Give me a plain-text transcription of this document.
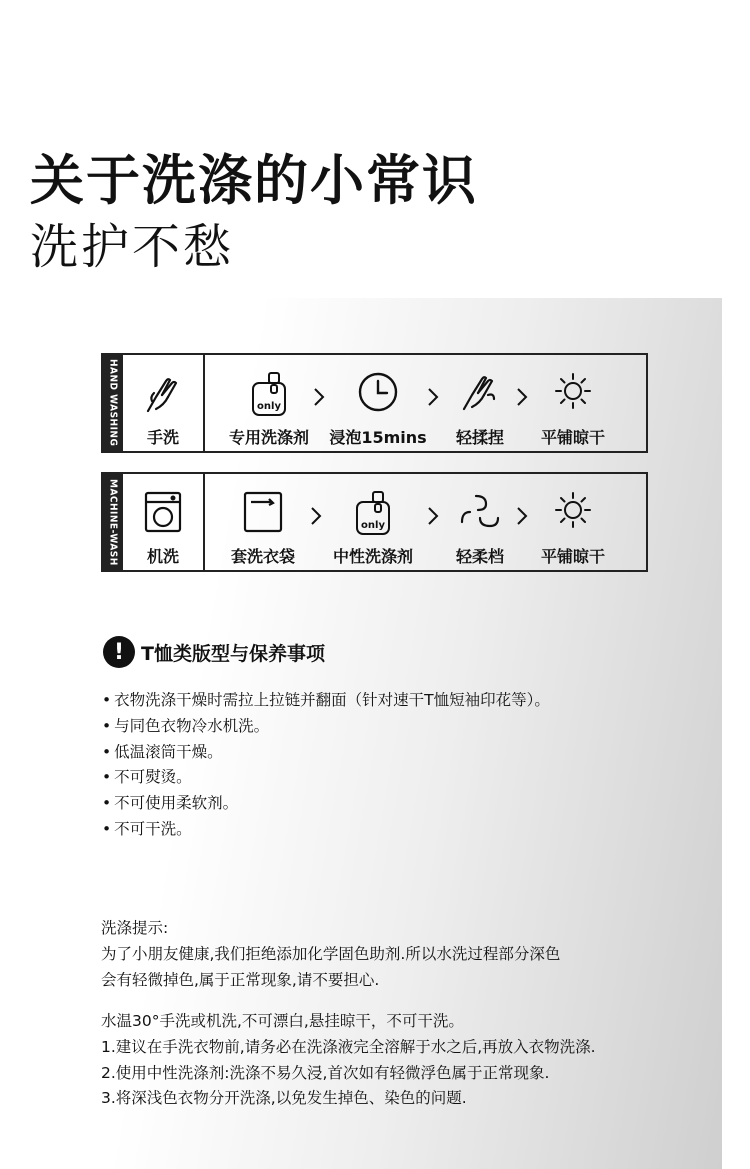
关于洗涤的小常识
洗护不愁
HAND WASHING 手洗
only
专用洗涤剂 浸泡15mins 轻揉捏 平铺晾干
MACHINE-WASH 机洗	套洗衣袋
only
中性洗涤剂	轻柔档 平铺晾干
! T恤类版型与保养事项
• 衣物洗涤干燥时需拉上拉链并翻面（针对速干T恤短袖印花等）。
• 与同色衣物冷水机洗。
• 低温滚筒干燥。
• 不可熨烫。
• 不可使用柔软剂。
• 不可干洗。
洗涤提示:
为了小朋友健康,我们拒绝添加化学固色助剂.所以水洗过程部分深色
会有轻微掉色,属于正常现象,请不要担心.
水温30°手洗或机洗,不可漂白,悬挂晾干，不可干洗。
1.建议在手洗衣物前,请务必在洗涤液完全溶解于水之后,再放入衣物洗涤.
2.使用中性洗涤剂:洗涤不易久浸,首次如有轻微浮色属于正常现象.
3.将深浅色衣物分开洗涤,以免发生掉色、染色的问题.
